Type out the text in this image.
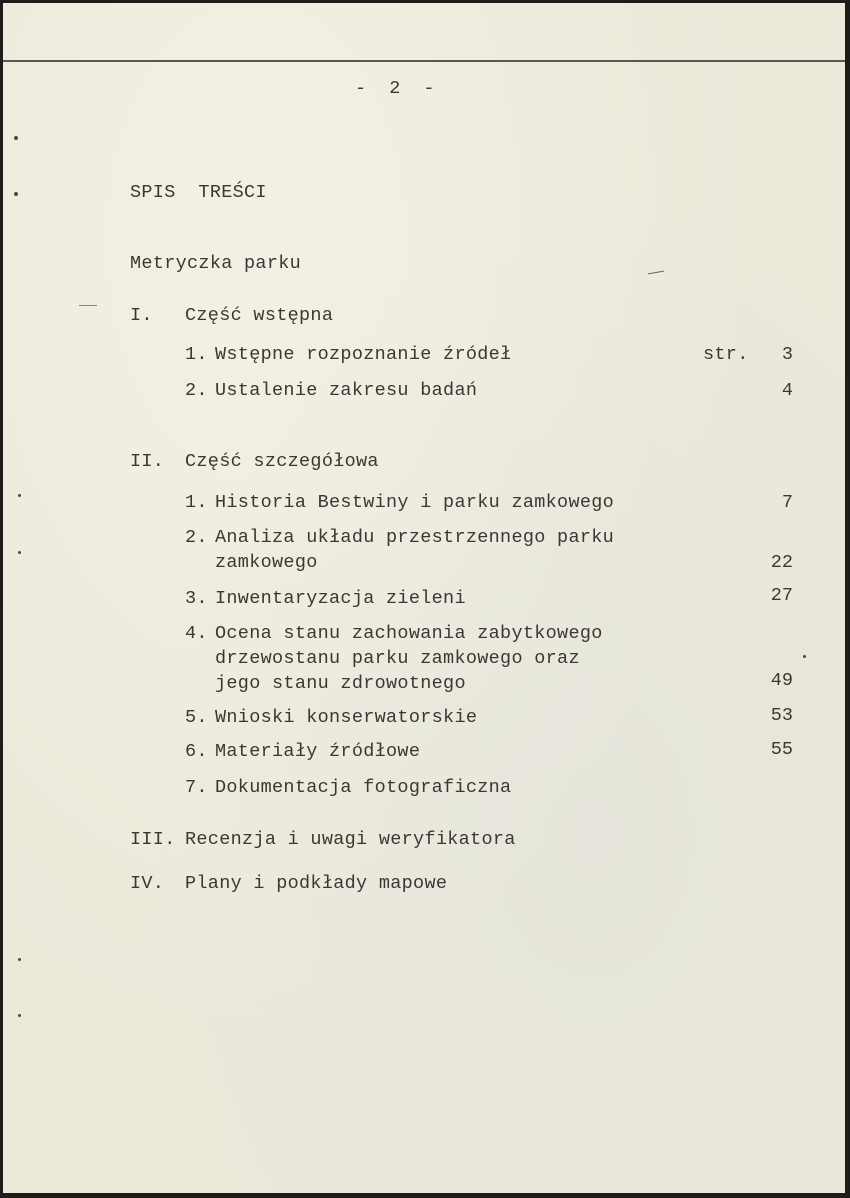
-  2  -
SPIS  TREŚCI
Metryczka parku
I. Część wstępna
1. Wstępne rozpoznanie źródeł	str.	3
2. Ustalenie zakresu badań	4
II. Część szczegółowa
1. Historia Bestwiny i parku zamkowego	7
2. Analiza układu przestrzennego parku
zamkowego	22
3. Inwentaryzacja zieleni	27
4. Ocena stanu zachowania zabytkowego
drzewostanu parku zamkowego oraz
jego stanu zdrowotnego	49
5. Wnioski konserwatorskie	53
6. Materiały źródłowe	55
7. Dokumentacja fotograficzna
III. Recenzja i uwagi weryfikatora
IV. Plany i podkłady mapowe
